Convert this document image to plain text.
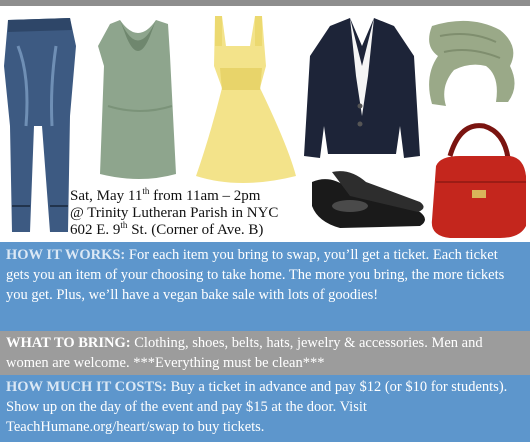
Sat, May 11th from 11am – 2pm
@ Trinity Lutheran Parish in NYC
602 E. 9th St. (Corner of Ave. B)
HOW IT WORKS: For each item you bring to swap, you’ll get a ticket. Each ticket gets you an item of your choosing to take home. The more you bring, the more tickets you get. Plus, we’ll have a vegan bake sale with lots of goodies!
WHAT TO BRING: Clothing, shoes, belts, hats, jewelry & accessories. Men and women are welcome. ***Everything must be clean***
HOW MUCH IT COSTS: Buy a ticket in advance and pay $12 (or $10 for students). Show up on the day of the event and pay $15 at the door. Visit TeachHumane.org/heart/swap to buy tickets.
